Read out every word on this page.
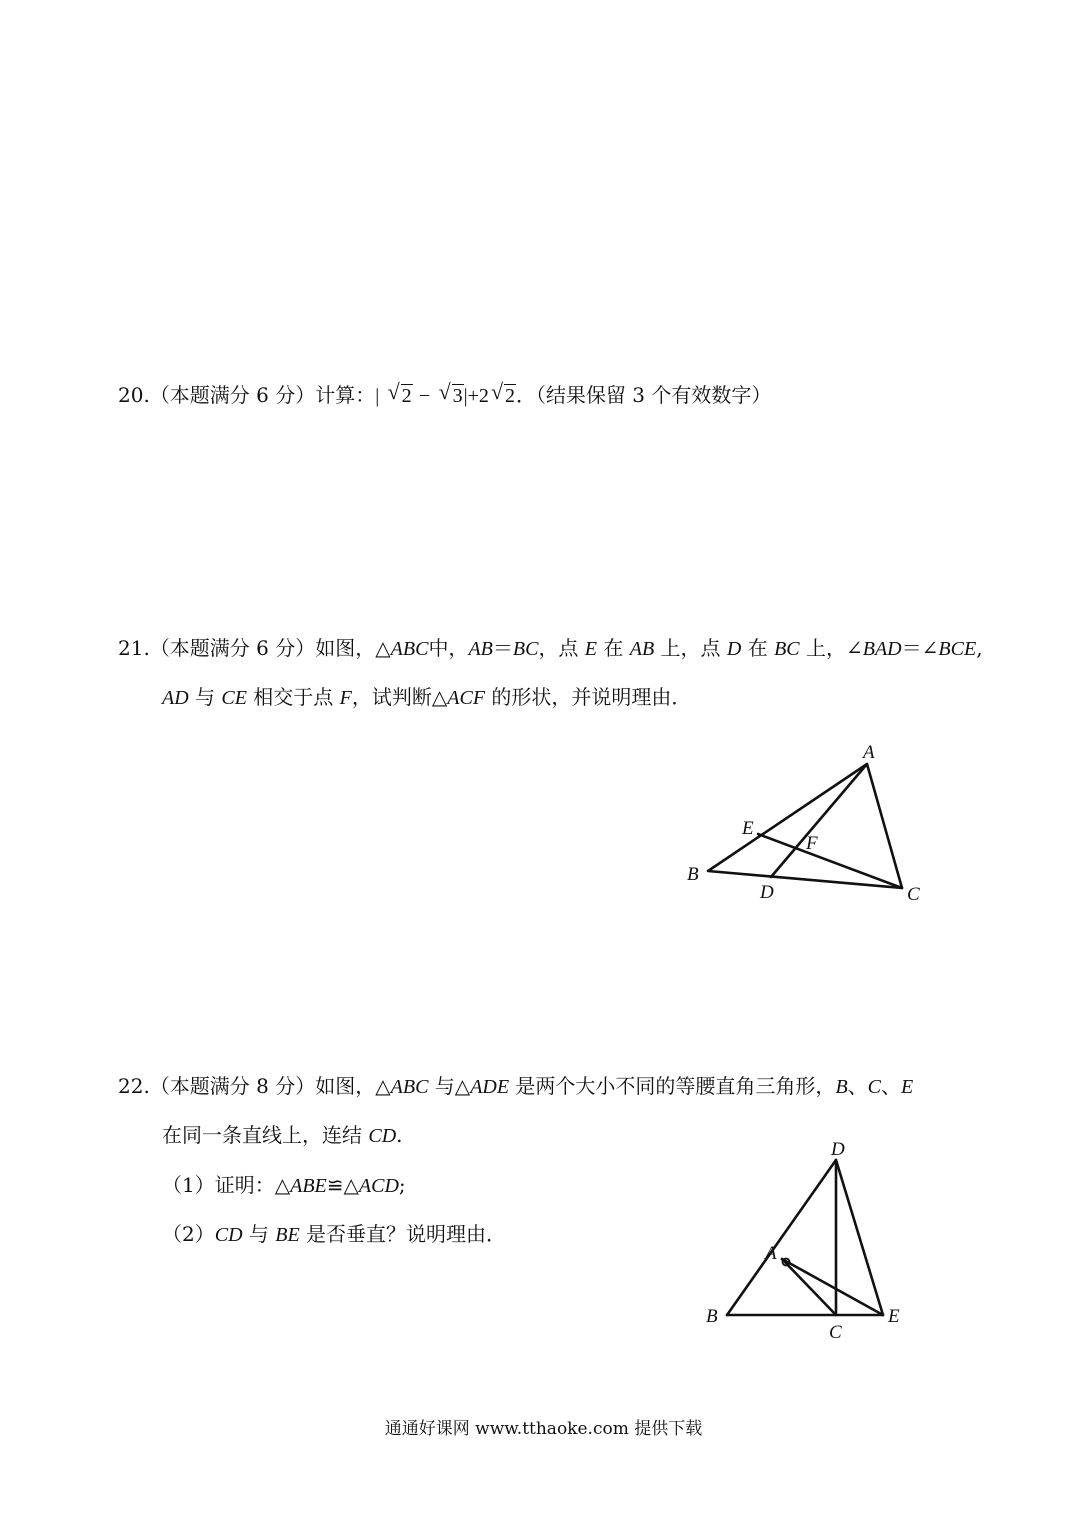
20.（本题满分 6 分）计算：| √ 2 − √ 3|+2 √ 2．（结果保留 3 个有效数字）
21.（本题满分 6 分）如图，△ABC中，AB＝BC，点 E 在 AB 上，点 D 在 BC 上，∠BAD＝∠BCE,
AD 与 CE 相交于点 F，试判断△ACF 的形状，并说明理由．
A
B
C
D
E
F
22.（本题满分 8 分）如图，△ABC 与△ADE 是两个大小不同的等腰直角三角形，B、C、E
在同一条直线上，连结 CD.
（1）证明：△ABE≌△ACD;
（2）CD 与 BE 是否垂直？说明理由．
D
A
B
C
E
通通好课网 www.tthaoke.com 提供下载
